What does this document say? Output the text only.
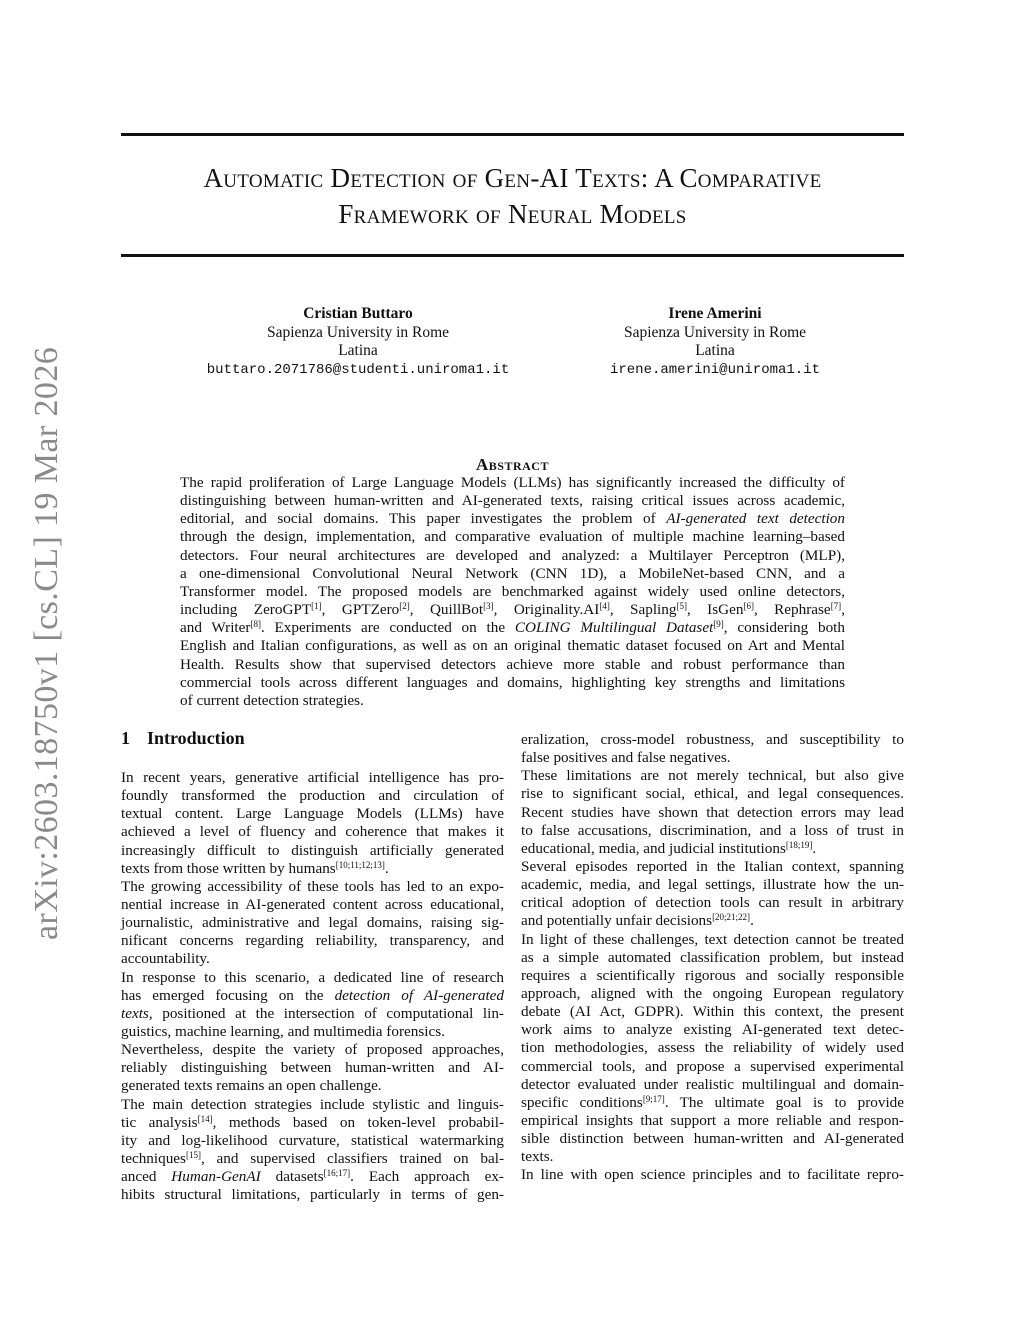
arXiv:2603.18750v1 [cs.CL] 19 Mar 2026
Automatic Detection of Gen-AI Texts: A Comparative
Framework of Neural Models
Cristian Buttaro
Sapienza University in Rome
Latina
buttaro.2071786@studenti.uniroma1.it
Irene Amerini
Sapienza University in Rome
Latina
irene.amerini@uniroma1.it
Abstract
The rapid proliferation of Large Language Models (LLMs) has significantly increased the difficulty of
distinguishing between human-written and AI-generated texts, raising critical issues across academic,
editorial, and social domains. This paper investigates the problem of AI-generated text detection
through the design, implementation, and comparative evaluation of multiple machine learning–based
detectors. Four neural architectures are developed and analyzed: a Multilayer Perceptron (MLP),
a one-dimensional Convolutional Neural Network (CNN 1D), a MobileNet-based CNN, and a
Transformer model. The proposed models are benchmarked against widely used online detectors,
including ZeroGPT[1], GPTZero[2], QuillBot[3], Originality.AI[4], Sapling[5], IsGen[6], Rephrase[7],
and Writer[8]. Experiments are conducted on the COLING Multilingual Dataset[9], considering both
English and Italian configurations, as well as on an original thematic dataset focused on Art and Mental
Health. Results show that supervised detectors achieve more stable and robust performance than
commercial tools across different languages and domains, highlighting key strengths and limitations
of current detection strategies.
1 Introduction
In recent years, generative artificial intelligence has pro-
foundly transformed the production and circulation of
textual content. Large Language Models (LLMs) have
achieved a level of fluency and coherence that makes it
increasingly difficult to distinguish artificially generated
texts from those written by humans[10;11;12;13].
The growing accessibility of these tools has led to an expo-
nential increase in AI-generated content across educational,
journalistic, administrative and legal domains, raising sig-
nificant concerns regarding reliability, transparency, and
accountability.
In response to this scenario, a dedicated line of research
has emerged focusing on the detection of AI-generated
texts, positioned at the intersection of computational lin-
guistics, machine learning, and multimedia forensics.
Nevertheless, despite the variety of proposed approaches,
reliably distinguishing between human-written and AI-
generated texts remains an open challenge.
The main detection strategies include stylistic and linguis-
tic analysis[14], methods based on token-level probabil-
ity and log-likelihood curvature, statistical watermarking
techniques[15], and supervised classifiers trained on bal-
anced Human-GenAI datasets[16;17]. Each approach ex-
hibits structural limitations, particularly in terms of gen-
eralization, cross-model robustness, and susceptibility to
false positives and false negatives.
These limitations are not merely technical, but also give
rise to significant social, ethical, and legal consequences.
Recent studies have shown that detection errors may lead
to false accusations, discrimination, and a loss of trust in
educational, media, and judicial institutions[18;19].
Several episodes reported in the Italian context, spanning
academic, media, and legal settings, illustrate how the un-
critical adoption of detection tools can result in arbitrary
and potentially unfair decisions[20;21;22].
In light of these challenges, text detection cannot be treated
as a simple automated classification problem, but instead
requires a scientifically rigorous and socially responsible
approach, aligned with the ongoing European regulatory
debate (AI Act, GDPR). Within this context, the present
work aims to analyze existing AI-generated text detec-
tion methodologies, assess the reliability of widely used
commercial tools, and propose a supervised experimental
detector evaluated under realistic multilingual and domain-
specific conditions[9;17]. The ultimate goal is to provide
empirical insights that support a more reliable and respon-
sible distinction between human-written and AI-generated
texts.
In line with open science principles and to facilitate repro-
